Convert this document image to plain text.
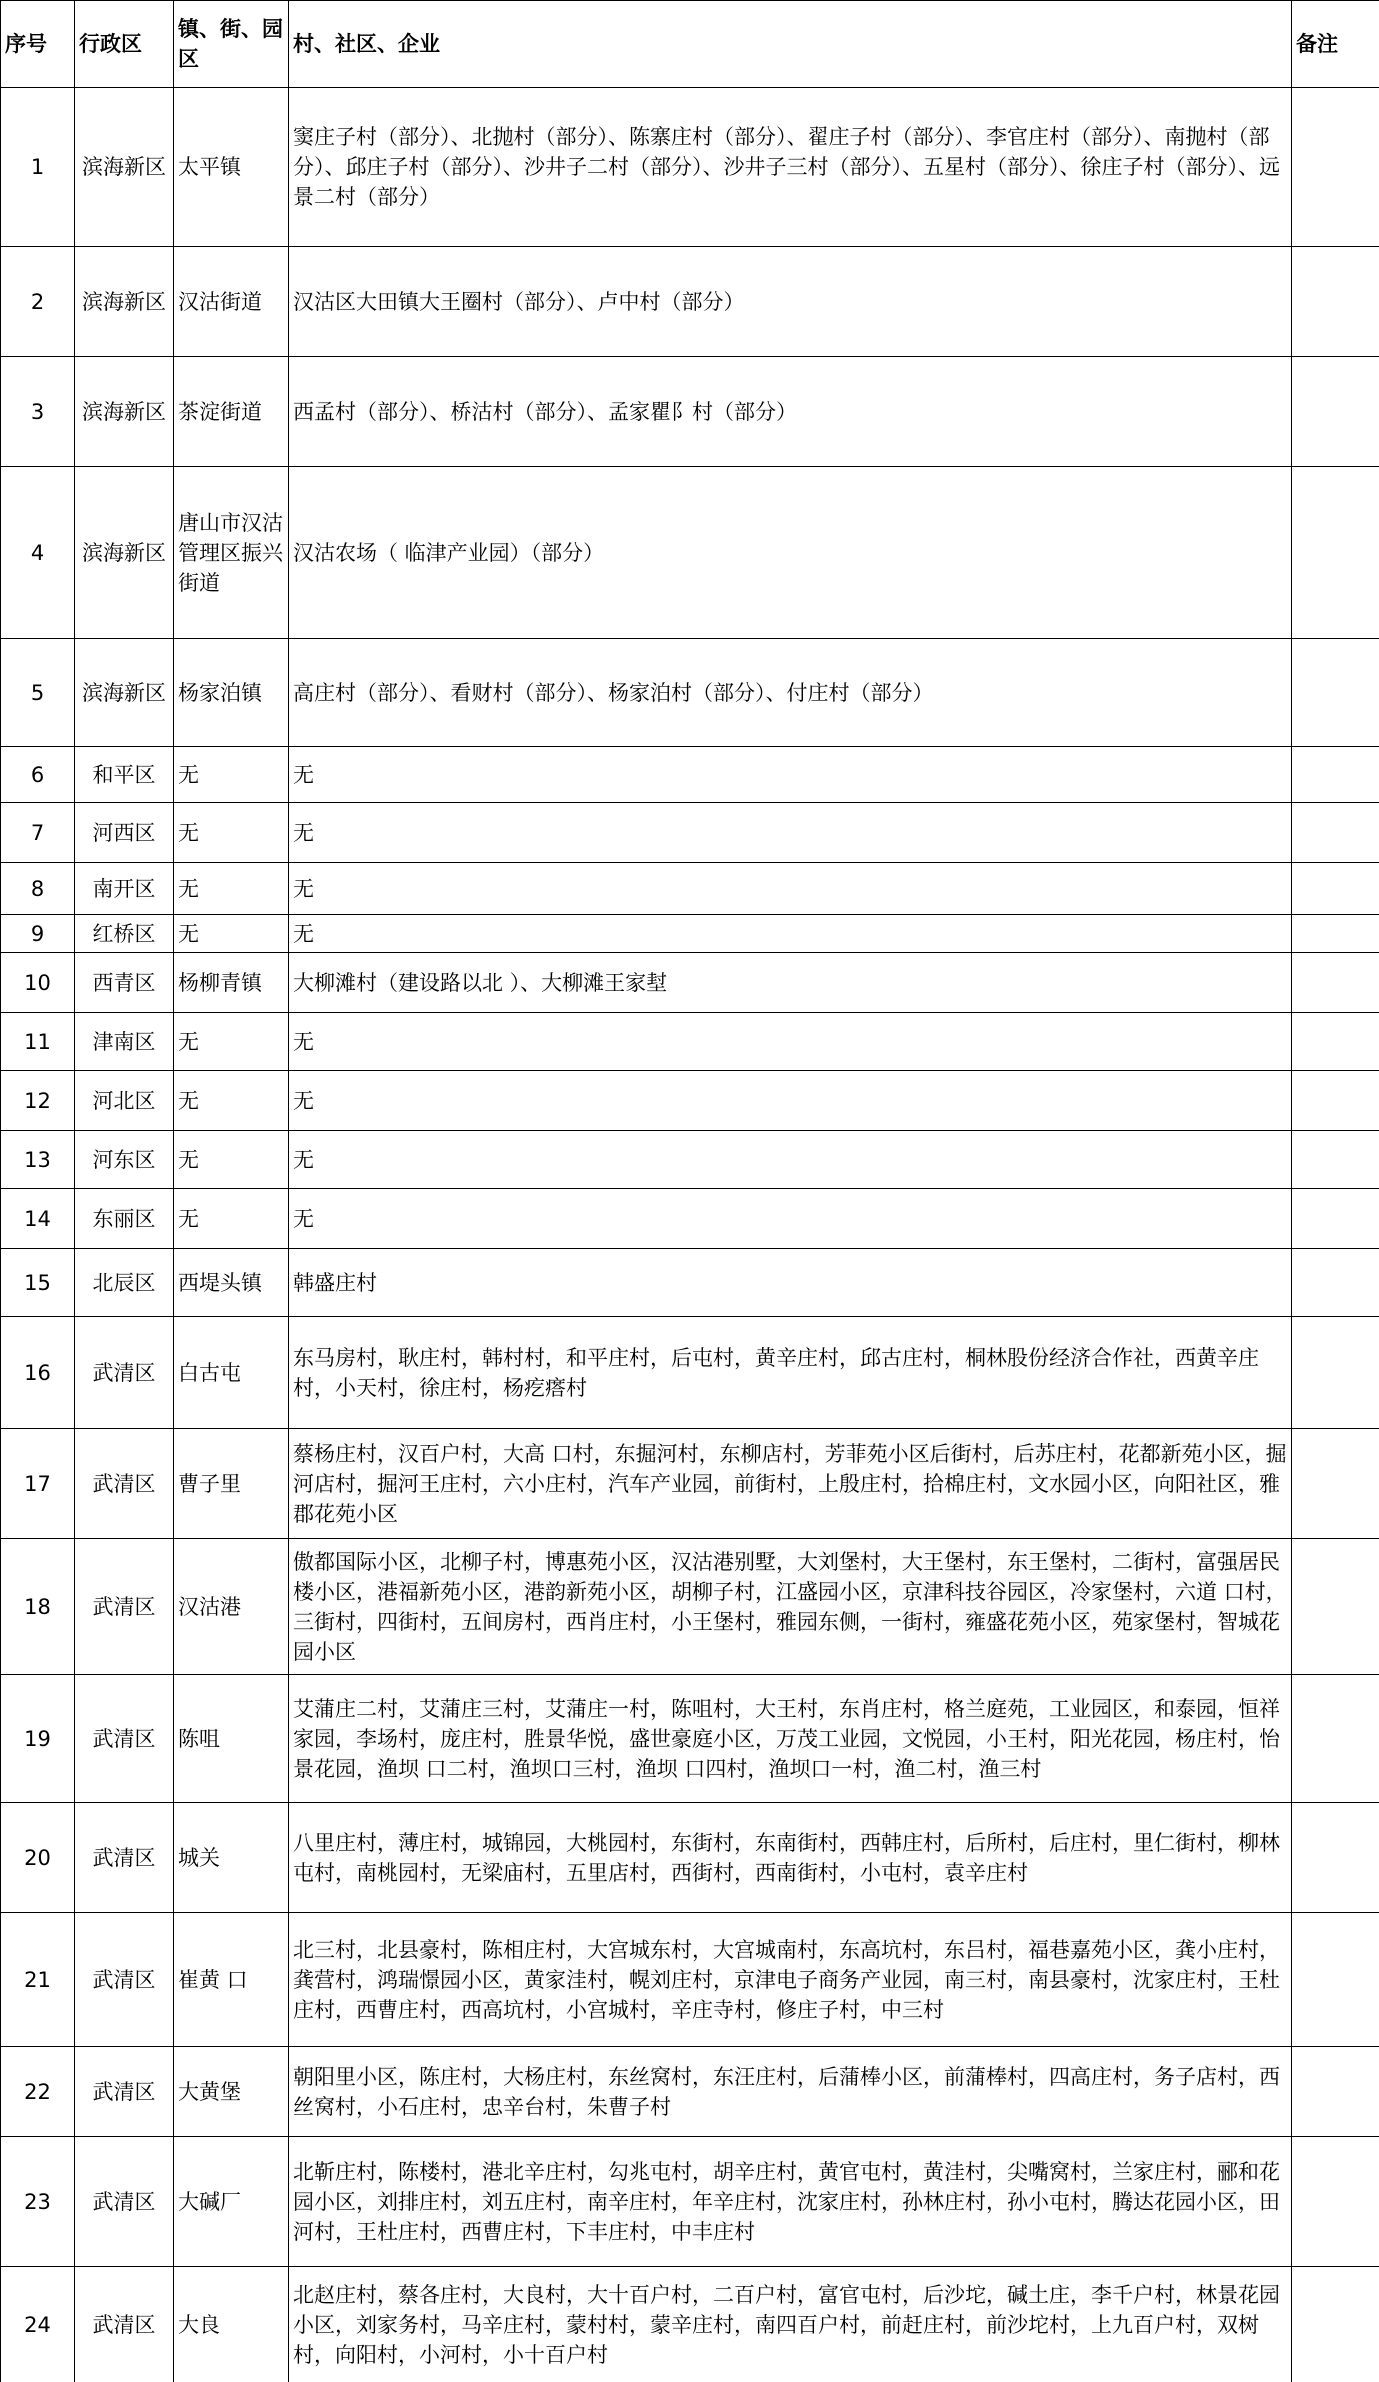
序号	行政区	镇、街、园区	村、社区、企业	备注
1	滨海新区	太平镇	窦庄子村（部分）、北抛村（部分）、陈寨庄村（部分）、翟庄子村（部分）、李官庄村（部分）、南抛村（部分）、邱庄子村（部分）、沙井子二村（部分）、沙井子三村（部分）、五星村（部分）、徐庄子村（部分）、远景二村（部分）	
2	滨海新区	汉沽街道	汉沽区大田镇大王圈村（部分）、卢中村（部分）	
3	滨海新区	茶淀街道	西孟村（部分）、桥沽村（部分）、孟家瞿阝村（部分）	
4	滨海新区	唐山市汉沽管理区振兴街道	汉沽农场（ 临津产业园）（部分）	
5	滨海新区	杨家泊镇	高庄村（部分）、看财村（部分）、杨家泊村（部分）、付庄村（部分）	
6	和平区	无	无	
7	河西区	无	无	
8	南开区	无	无	
9	红桥区	无	无	
10	西青区	杨柳青镇	大柳滩村（建设路以北 ）、大柳滩王家堼	
11	津南区	无	无	
12	河北区	无	无	
13	河东区	无	无	
14	东丽区	无	无	
15	北辰区	西堤头镇	韩盛庄村	
16	武清区	白古屯	东马房村，耿庄村，韩村村，和平庄村，后屯村，黄辛庄村，邱古庄村，桐林股份经济合作社，西黄辛庄村，小天村，徐庄村，杨疙瘩村	
17	武清区	曹子里	蔡杨庄村，汉百户村，大高 口村，东掘河村，东柳店村，芳菲苑小区后街村，后苏庄村，花都新苑小区，掘河店村，掘河王庄村，六小庄村，汽车产业园，前街村，上殷庄村，拾棉庄村，文水园小区，向阳社区，雅郡花苑小区	
18	武清区	汉沽港	傲都国际小区，北柳子村，博惠苑小区，汉沽港别墅，大刘堡村，大王堡村，东王堡村，二街村，富强居民楼小区，港福新苑小区，港韵新苑小区，胡柳子村，江盛园小区，京津科技谷园区，冷家堡村，六道 口村，三街村，四街村，五间房村，西肖庄村，小王堡村，雅园东侧，一街村，雍盛花苑小区，苑家堡村，智城花园小区	
19	武清区	陈咀	艾蒲庄二村，艾蒲庄三村，艾蒲庄一村，陈咀村，大王村，东肖庄村，格兰庭苑，工业园区，和泰园，恒祥家园，李场村，庞庄村，胜景华悦，盛世豪庭小区，万茂工业园，文悦园，小王村，阳光花园，杨庄村，怡景花园，渔坝 口二村，渔坝口三村，渔坝 口四村，渔坝口一村，渔二村，渔三村	
20	武清区	城关	八里庄村，薄庄村，城锦园，大桃园村，东街村，东南街村，西韩庄村，后所村，后庄村，里仁街村，柳林屯村，南桃园村，无梁庙村，五里店村，西街村，西南街村，小屯村，袁辛庄村	
21	武清区	崔黄 口	北三村，北县豪村，陈相庄村，大宫城东村，大宫城南村，东高坑村，东吕村，福巷嘉苑小区，龚小庄村，龚营村，鸿瑞憬园小区，黄家洼村，幌刘庄村，京津电子商务产业园，南三村，南县豪村，沈家庄村，王杜庄村，西曹庄村，西高坑村，小宫城村，辛庄寺村，修庄子村，中三村	
22	武清区	大黄堡	朝阳里小区，陈庄村，大杨庄村，东丝窝村，东汪庄村，后蒲棒小区，前蒲棒村，四高庄村，务子店村，西丝窝村，小石庄村，忠辛台村，朱曹子村	
23	武清区	大碱厂	北靳庄村，陈楼村，港北辛庄村，勾兆屯村，胡辛庄村，黄官屯村，黄洼村，尖嘴窝村，兰家庄村，郦和花园小区，刘排庄村，刘五庄村，南辛庄村，年辛庄村，沈家庄村，孙林庄村，孙小屯村，腾达花园小区，田河村，王杜庄村，西曹庄村，下丰庄村，中丰庄村	
24	武清区	大良	北赵庄村，蔡各庄村，大良村，大十百户村，二百户村，富官屯村，后沙坨，碱土庄，李千户村，林景花园小区，刘家务村，马辛庄村，蒙村村，蒙辛庄村，南四百户村，前赶庄村，前沙坨村，上九百户村，双树村，向阳村，小河村，小十百户村	
